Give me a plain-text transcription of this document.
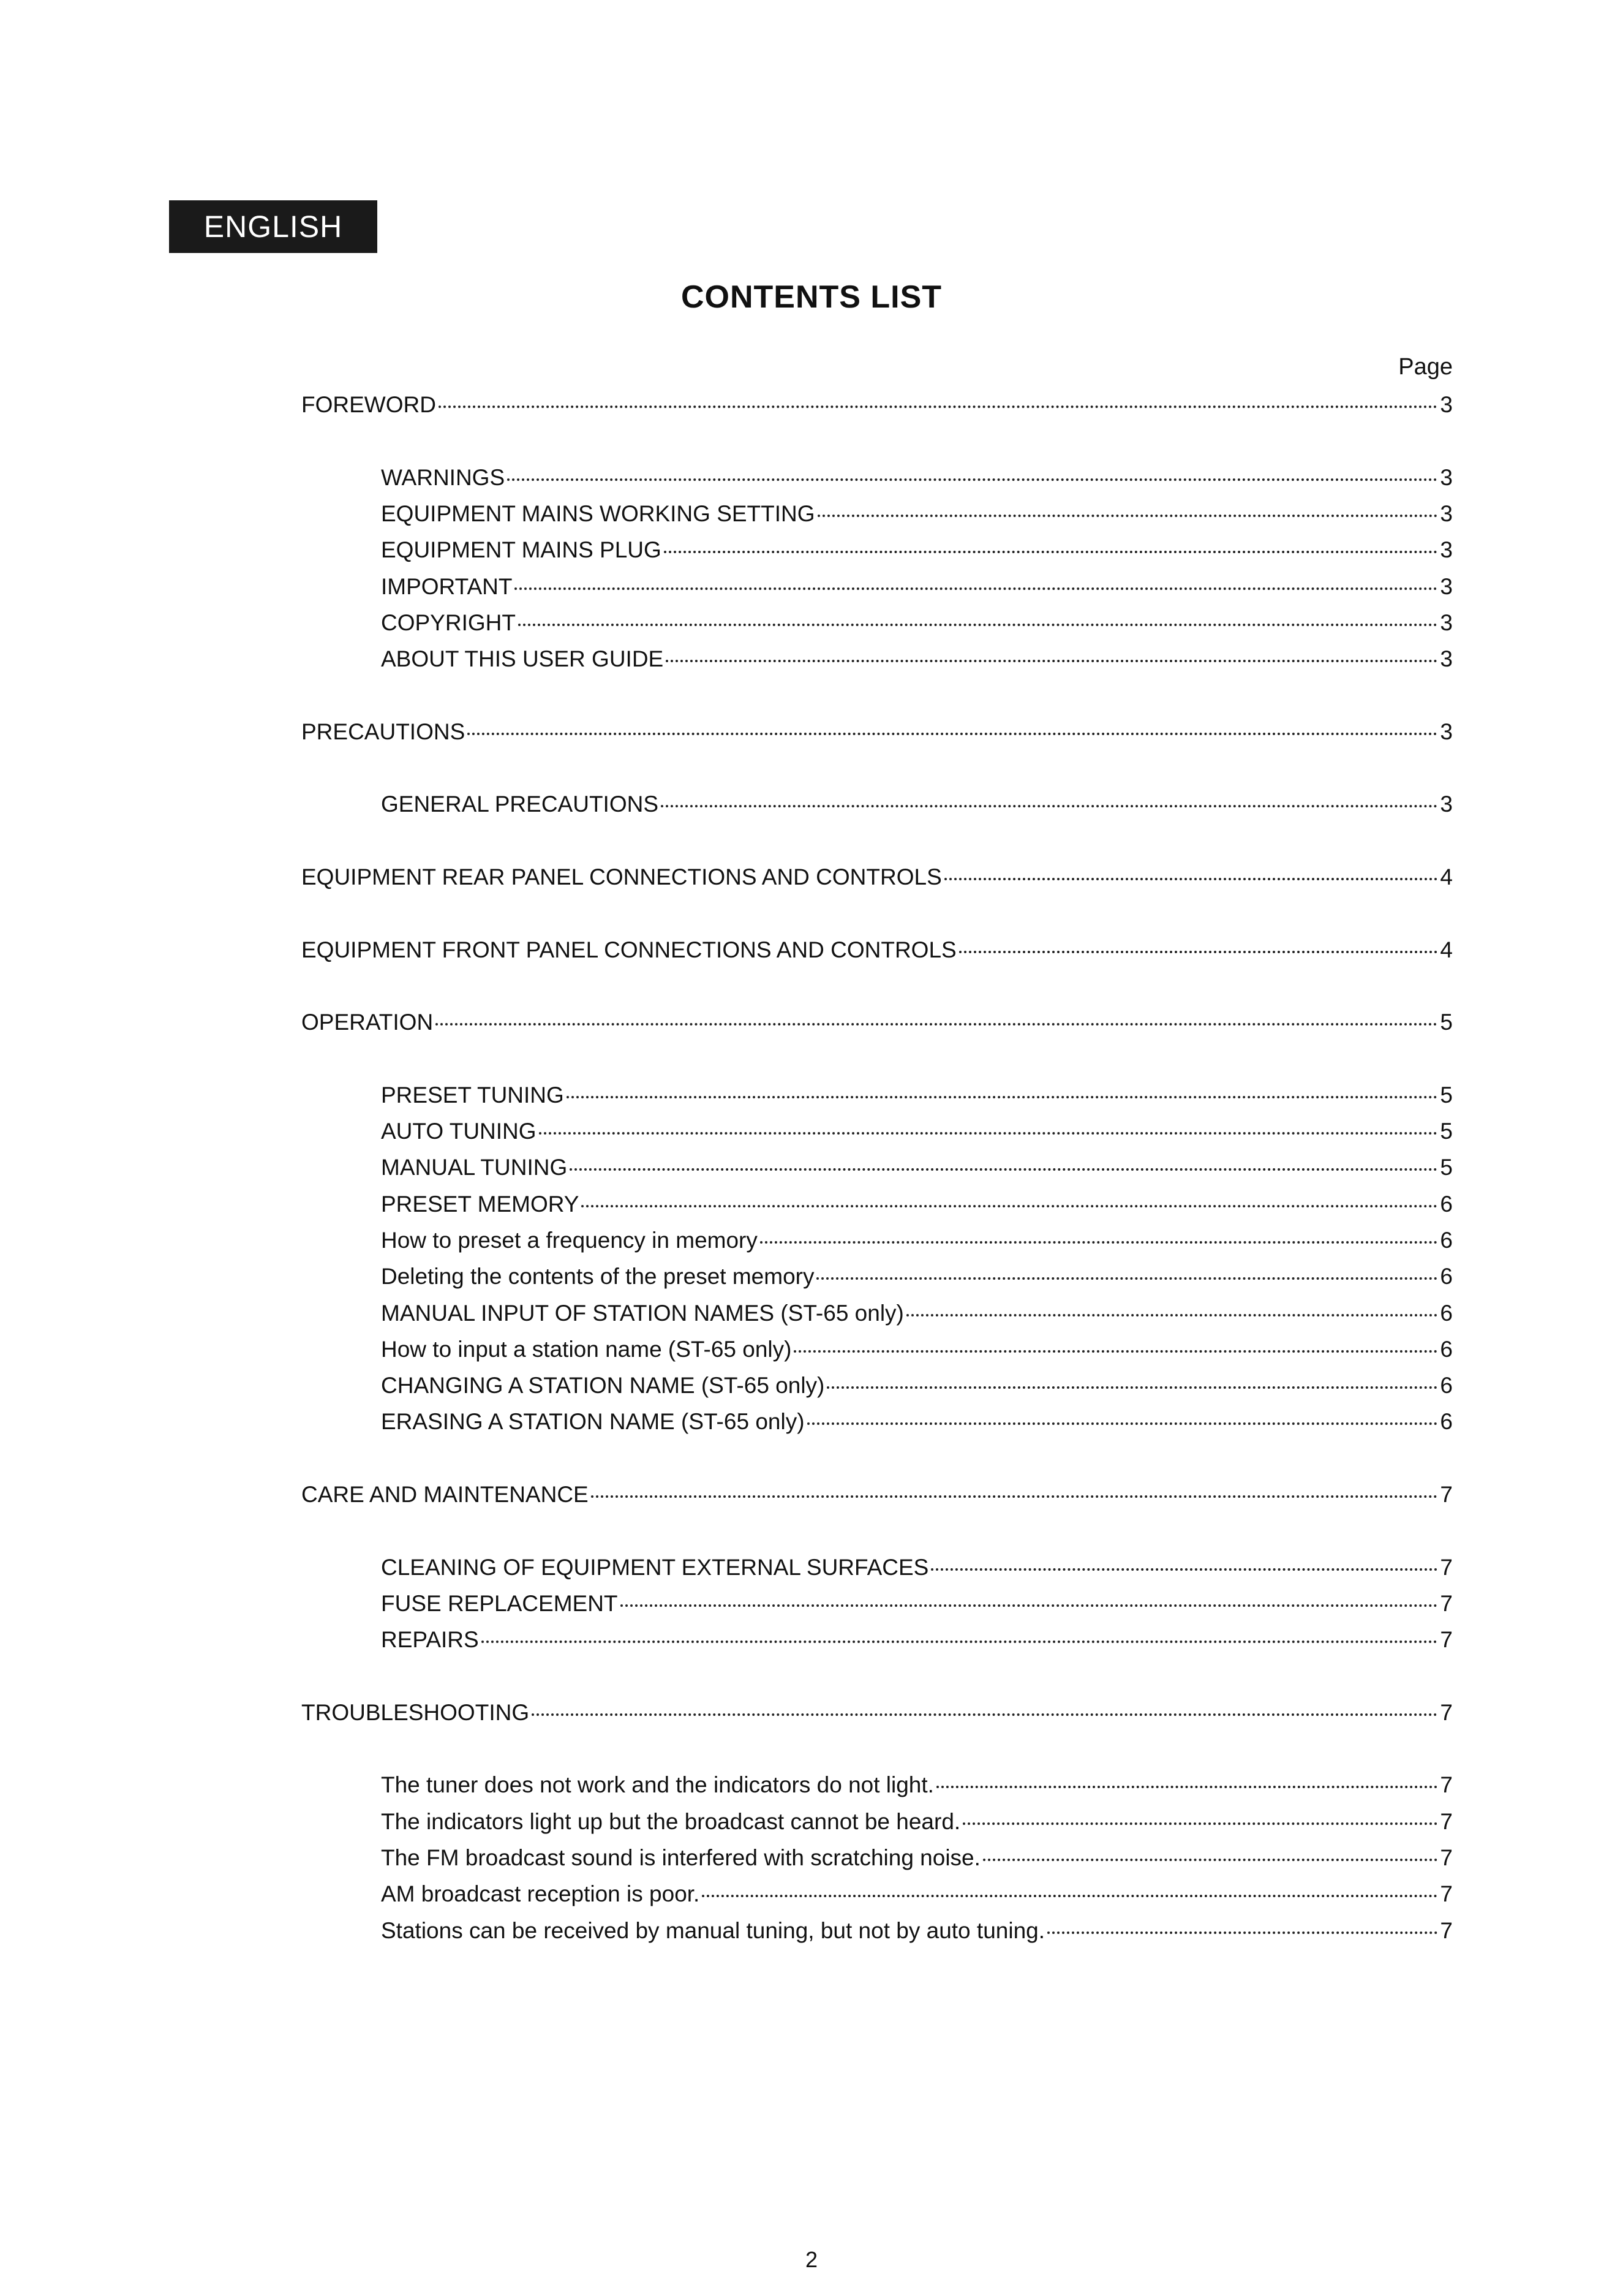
ENGLISH
CONTENTS LIST
Page
FOREWORD	3
WARNINGS	3
EQUIPMENT MAINS WORKING SETTING	3
EQUIPMENT MAINS PLUG	3
IMPORTANT	3
COPYRIGHT	3
ABOUT THIS USER GUIDE	3
PRECAUTIONS	3
GENERAL PRECAUTIONS	3
EQUIPMENT REAR PANEL CONNECTIONS AND CONTROLS	4
EQUIPMENT FRONT PANEL CONNECTIONS AND CONTROLS	4
OPERATION	5
PRESET TUNING	5
AUTO TUNING	5
MANUAL TUNING	5
PRESET MEMORY	6
How to preset a frequency in memory	6
Deleting the contents of the preset memory	6
MANUAL INPUT OF STATION NAMES (ST-65 only)	6
How to input a station name (ST-65 only)	6
CHANGING A STATION NAME (ST-65 only)	6
ERASING A STATION NAME (ST-65 only)	6
CARE AND MAINTENANCE	7
CLEANING OF EQUIPMENT EXTERNAL SURFACES	7
FUSE REPLACEMENT	7
REPAIRS	7
TROUBLESHOOTING	7
The tuner does not work and the indicators do not light.	7
The indicators light up but the broadcast cannot be heard.	7
The FM broadcast sound is interfered with scratching noise.	7
AM broadcast reception is poor.	7
Stations can be received by manual tuning, but not by auto tuning.	7
2
